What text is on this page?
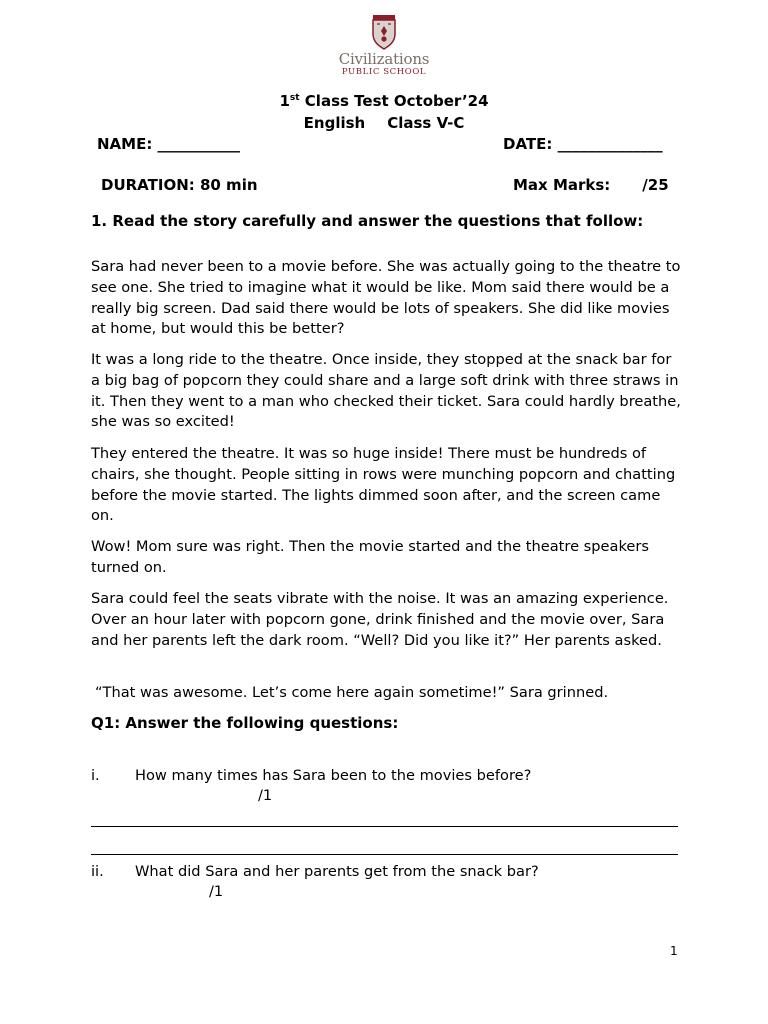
Civilizations
PUBLIC SCHOOL
1st Class Test October’24
English Class V-C
NAME: ___________	DATE: ______________
DURATION: 80 min	Max Marks: /25
1. Read the story carefully and answer the questions that follow:

Sara had never been to a movie before. She was actually going to the theatre to see one. She tried to imagine what it would be like. Mom said there would be a really big screen. Dad said there would be lots of speakers. She did like movies at home, but would this be better?

It was a long ride to the theatre. Once inside, they stopped at the snack bar for a big bag of popcorn they could share and a large soft drink with three straws in it. Then they went to a man who checked their ticket. Sara could hardly breathe, she was so excited!

They entered the theatre. It was so huge inside! There must be hundreds of chairs, she thought. People sitting in rows were munching popcorn and chatting before the movie started. The lights dimmed soon after, and the screen came on.

Wow! Mom sure was right. Then the movie started and the theatre speakers turned on.

Sara could feel the seats vibrate with the noise. It was an amazing experience. Over an hour later with popcorn gone, drink finished and the movie over, Sara and her parents left the dark room. “Well? Did you like it?” Her parents asked.

“That was awesome. Let’s come here again sometime!” Sara grinned.

Q1: Answer the following questions:
i. How many times has Sara been to the movies before?
/1
ii. What did Sara and her parents get from the snack bar?
/1
1
